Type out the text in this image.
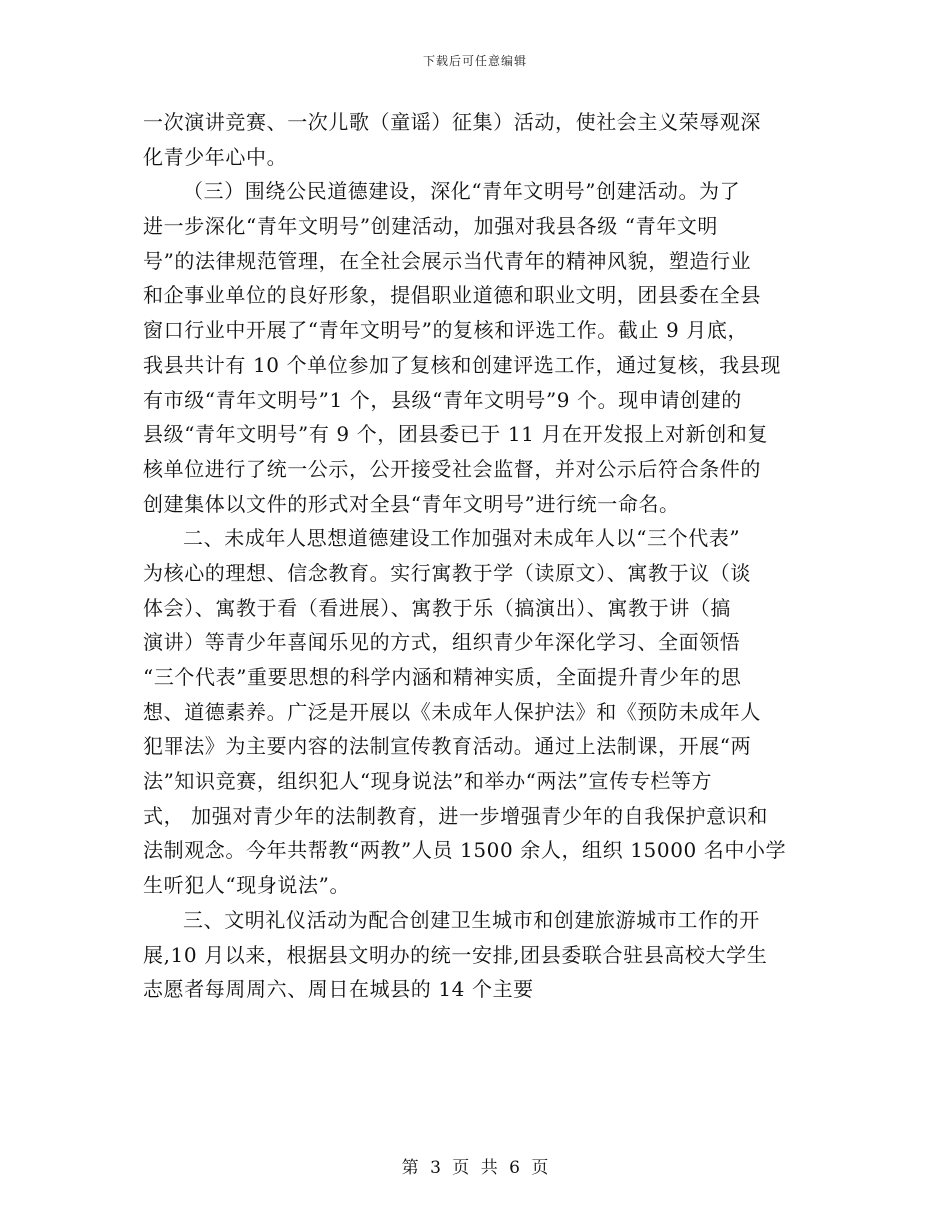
下载后可任意编辑
一次演讲竞赛、一次儿歌（童谣）征集）活动，使社会主义荣辱观深
化青少年心中。
（三）围绕公民道德建设，深化“青年文明号”创建活动。为了
进一步深化“青年文明号”创建活动，加强对我县各级 “青年文明
号”的法律规范管理，在全社会展示当代青年的精神风貌，塑造行业
和企事业单位的良好形象，提倡职业道德和职业文明，团县委在全县
窗口行业中开展了“青年文明号”的复核和评选工作。截止 9 月底，
我县共计有 10 个单位参加了复核和创建评选工作，通过复核，我县现
有市级“青年文明号”1 个，县级“青年文明号”9 个。现申请创建的
县级“青年文明号”有 9 个，团县委已于 11 月在开发报上对新创和复
核单位进行了统一公示，公开接受社会监督，并对公示后符合条件的
创建集体以文件的形式对全县“青年文明号”进行统一命名。
二、未成年人思想道德建设工作加强对未成年人以“三个代表”
为核心的理想、信念教育。实行寓教于学（读原文）、寓教于议（谈
体会）、寓教于看（看进展）、寓教于乐（搞演出）、寓教于讲（搞
演讲）等青少年喜闻乐见的方式，组织青少年深化学习、全面领悟
“三个代表”重要思想的科学内涵和精神实质，全面提升青少年的思
想、道德素养。广泛是开展以《未成年人保护法》和《预防未成年人
犯罪法》为主要内容的法制宣传教育活动。通过上法制课，开展“两
法”知识竞赛，组织犯人“现身说法”和举办“两法”宣传专栏等方
式， 加强对青少年的法制教育，进一步增强青少年的自我保护意识和
法制观念。今年共帮教“两教”人员 1500 余人，组织 15000 名中小学
生听犯人“现身说法”。
三、文明礼仪活动为配合创建卫生城市和创建旅游城市工作的开
展,10 月以来，根据县文明办的统一安排,团县委联合驻县高校大学生
志愿者每周周六、周日在城县的 14 个主要
第 3 页 共 6 页
